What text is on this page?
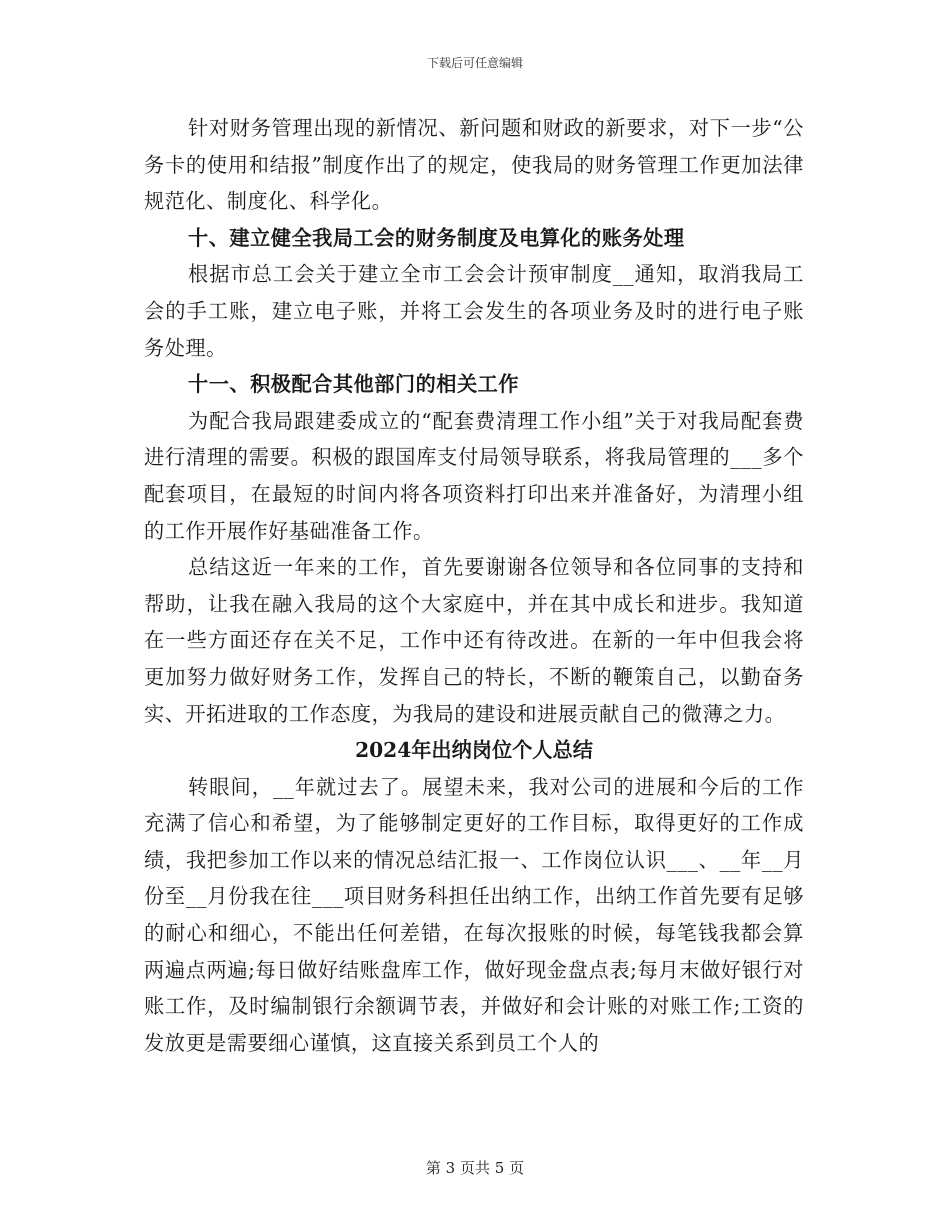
下载后可任意编辑

针对财务管理出现的新情况、新问题和财政的新要求，对下一步“公务卡的使用和结报”制度作出了的规定，使我局的财务管理工作更加法律规范化、制度化、科学化。

十、建立健全我局工会的财务制度及电算化的账务处理

根据市总工会关于建立全市工会会计预审制度__通知，取消我局工会的手工账，建立电子账，并将工会发生的各项业务及时的进行电子账务处理。

十一、积极配合其他部门的相关工作

为配合我局跟建委成立的“配套费清理工作小组”关于对我局配套费进行清理的需要。积极的跟国库支付局领导联系，将我局管理的___多个配套项目，在最短的时间内将各项资料打印出来并准备好，为清理小组的工作开展作好基础准备工作。

总结这近一年来的工作，首先要谢谢各位领导和各位同事的支持和帮助，让我在融入我局的这个大家庭中，并在其中成长和进步。我知道在一些方面还存在关不足，工作中还有待改进。在新的一年中但我会将更加努力做好财务工作，发挥自己的特长，不断的鞭策自己，以勤奋务实、开拓进取的工作态度，为我局的建设和进展贡献自己的微薄之力。

2024年出纳岗位个人总结

转眼间，__年就过去了。展望未来，我对公司的进展和今后的工作充满了信心和希望，为了能够制定更好的工作目标，取得更好的工作成绩，我把参加工作以来的情况总结汇报一、工作岗位认识___、__年__月份至__月份我在往___项目财务科担任出纳工作，出纳工作首先要有足够的耐心和细心，不能出任何差错，在每次报账的时候，每笔钱我都会算两遍点两遍;每日做好结账盘库工作，做好现金盘点表;每月末做好银行对账工作，及时编制银行余额调节表，并做好和会计账的对账工作;工资的发放更是需要细心谨慎，这直接关系到员工个人的

第 3 页共 5 页
